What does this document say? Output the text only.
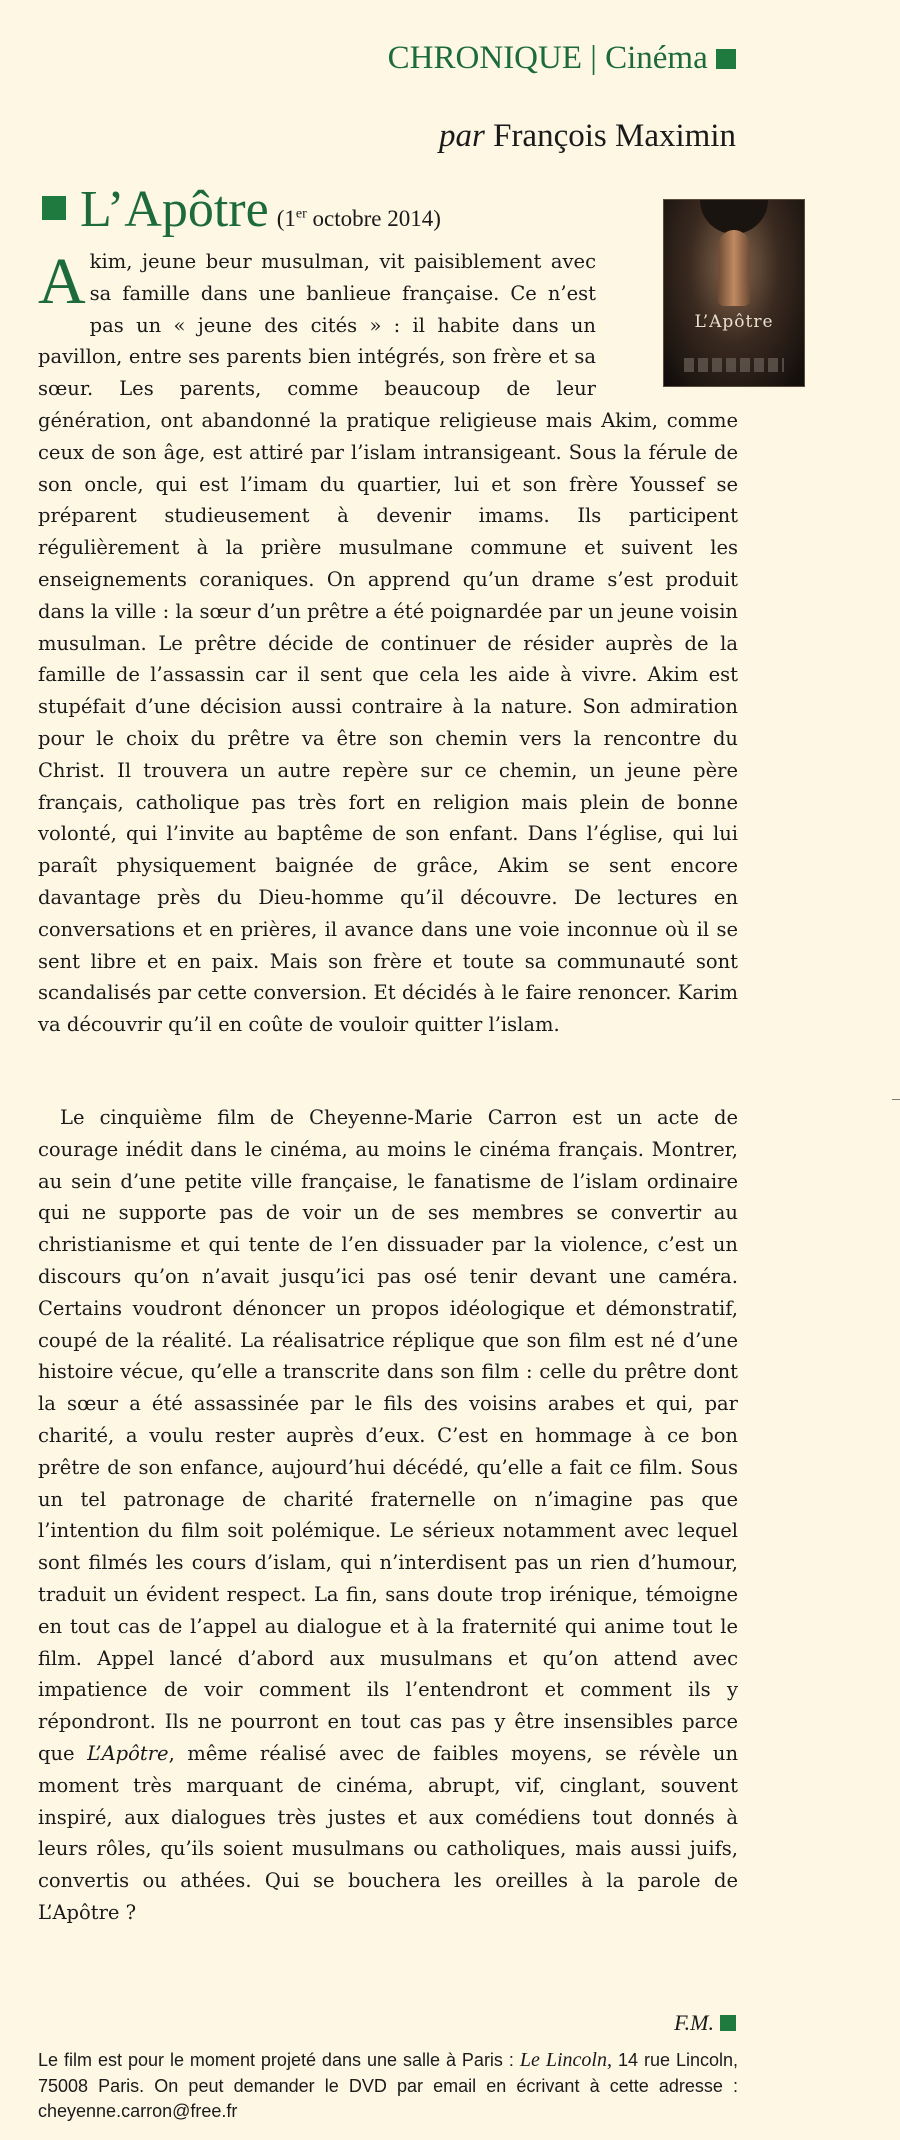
CHRONIQUE | Cinéma
par François Maximin
L’Apôtre (1er octobre 2014)
L’Apôtre
Akim, jeune beur musulman, vit paisiblement avec sa famille dans une banlieue française. Ce n’est pas un « jeune des cités » : il habite dans un pavillon, entre ses parents bien intégrés, son frère et sa sœur. Les parents, comme beaucoup de leur génération, ont abandonné la pratique religieuse mais Akim, comme ceux de son âge, est attiré par l’islam intransigeant. Sous la férule de son oncle, qui est l’imam du quartier, lui et son frère Youssef se préparent studieusement à devenir imams. Ils participent régulièrement à la prière musulmane commune et suivent les enseignements coraniques. On apprend qu’un drame s’est produit dans la ville : la sœur d’un prêtre a été poignardée par un jeune voisin musulman. Le prêtre décide de continuer de résider auprès de la famille de l’assassin car il sent que cela les aide à vivre. Akim est stupéfait d’une décision aussi contraire à la nature. Son admiration pour le choix du prêtre va être son chemin vers la rencontre du Christ. Il trouvera un autre repère sur ce chemin, un jeune père français, catholique pas très fort en religion mais plein de bonne volonté, qui l’invite au baptême de son enfant. Dans l’église, qui lui paraît physiquement baignée de grâce, Akim se sent encore davantage près du Dieu-homme qu’il découvre. De lectures en conversations et en prières, il avance dans une voie inconnue où il se sent libre et en paix. Mais son frère et toute sa communauté sont scandalisés par cette conversion. Et décidés à le faire renoncer. Karim va découvrir qu’il en coûte de vouloir quitter l’islam.

Le cinquième film de Cheyenne-Marie Carron est un acte de courage inédit dans le cinéma, au moins le cinéma français. Montrer, au sein d’une petite ville française, le fanatisme de l’islam ordinaire qui ne supporte pas de voir un de ses membres se convertir au christianisme et qui tente de l’en dissuader par la violence, c’est un discours qu’on n’avait jusqu’ici pas osé tenir devant une caméra. Certains voudront dénoncer un propos idéologique et démonstratif, coupé de la réalité. La réalisatrice réplique que son film est né d’une histoire vécue, qu’elle a transcrite dans son film : celle du prêtre dont la sœur a été assassinée par le fils des voisins arabes et qui, par charité, a voulu rester auprès d’eux. C’est en hommage à ce bon prêtre de son enfance, aujourd’hui décédé, qu’elle a fait ce film. Sous un tel patronage de charité fraternelle on n’imagine pas que l’intention du film soit polémique. Le sérieux notamment avec lequel sont filmés les cours d’islam, qui n’interdisent pas un rien d’humour, traduit un évident respect. La fin, sans doute trop irénique, témoigne en tout cas de l’appel au dialogue et à la fraternité qui anime tout le film. Appel lancé d’abord aux musulmans et qu’on attend avec impatience de voir comment ils l’entendront et comment ils y répondront. Ils ne pourront en tout cas pas y être insensibles parce que L’Apôtre, même réalisé avec de faibles moyens, se révèle un moment très marquant de cinéma, abrupt, vif, cinglant, souvent inspiré, aux dialogues très justes et aux comédiens tout donnés à leurs rôles, qu’ils soient musulmans ou catholiques, mais aussi juifs, convertis ou athées. Qui se bouchera les oreilles à la parole de L’Apôtre ?

F.M.

Le film est pour le moment projeté dans une salle à Paris : Le Lincoln, 14 rue Lincoln, 75008 Paris. On peut demander le DVD par email en écrivant à cette adresse : cheyenne.carron@free.fr
